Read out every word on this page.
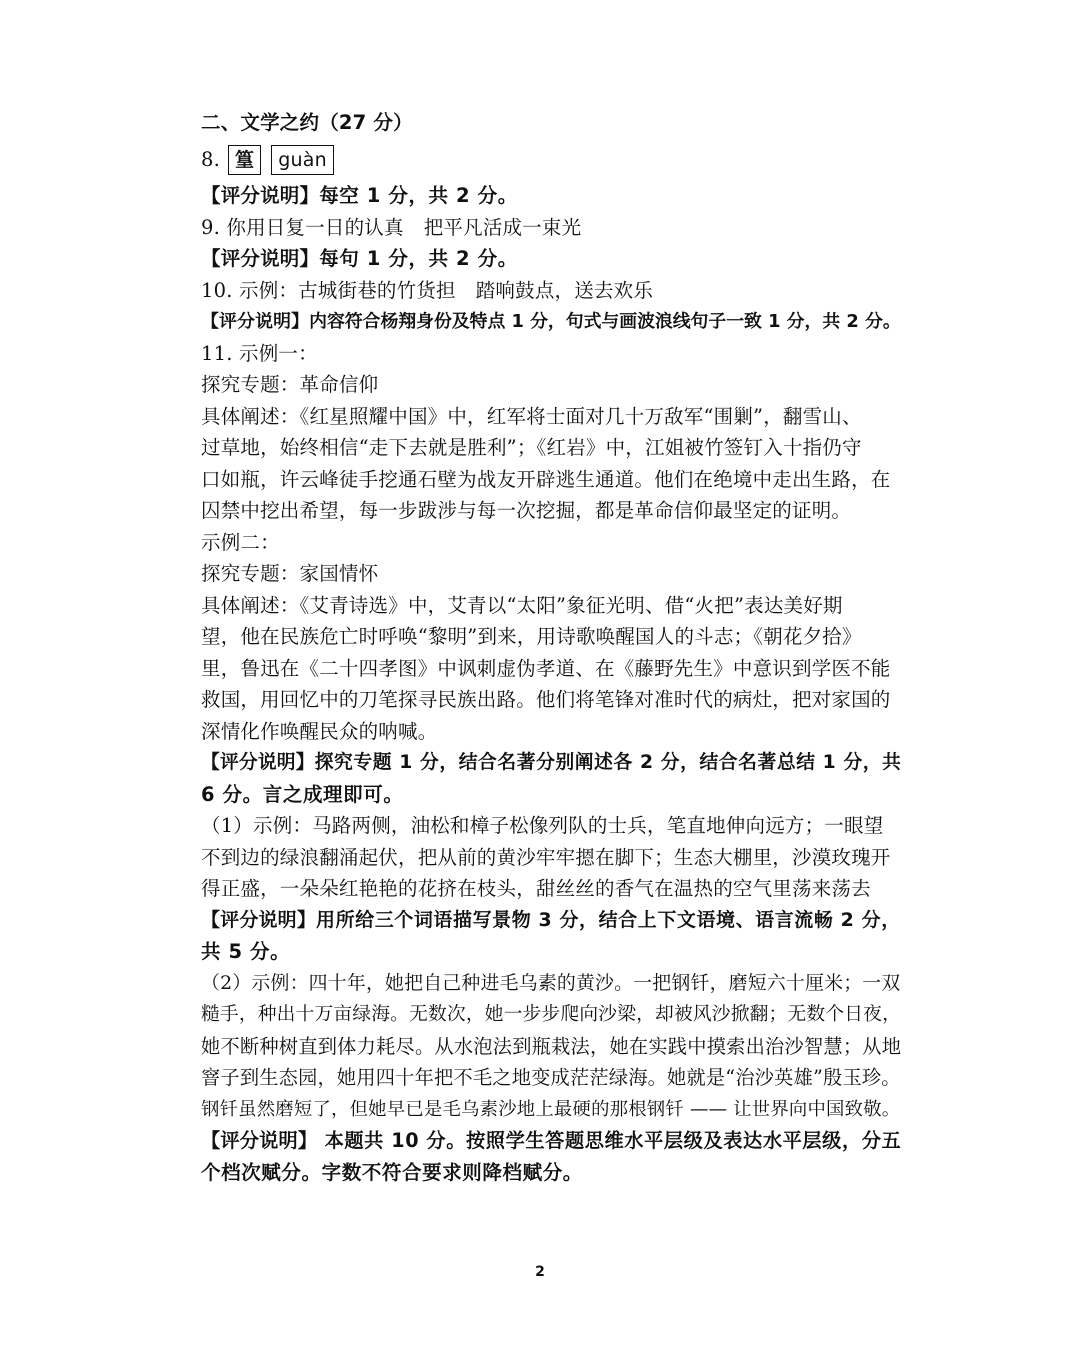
二、文学之约（27 分）
8. 篁	guàn
【评分说明】每空 1 分，共 2 分。
9. 你用日复一日的认真 把平凡活成一束光
【评分说明】每句 1 分，共 2 分。
10. 示例：古城街巷的竹货担 踏响鼓点，送去欢乐
【评分说明】内容符合杨翔身份及特点 1 分，句式与画波浪线句子一致 1 分，共 2 分。
11. 示例一：
探究专题：革命信仰
具体阐述：《红星照耀中国》中，红军将士面对几十万敌军“围剿”，翻雪山、
过草地，始终相信“走下去就是胜利”；《红岩》中，江姐被竹签钉入十指仍守
口如瓶，许云峰徒手挖通石壁为战友开辟逃生通道。他们在绝境中走出生路，在
囚禁中挖出希望，每一步跋涉与每一次挖掘，都是革命信仰最坚定的证明。
示例二：
探究专题：家国情怀
具体阐述：《艾青诗选》中，艾青以“太阳”象征光明、借“火把”表达美好期
望，他在民族危亡时呼唤“黎明”到来，用诗歌唤醒国人的斗志；《朝花夕拾》
里，鲁迅在《二十四孝图》中讽刺虚伪孝道、在《藤野先生》中意识到学医不能
救国，用回忆中的刀笔探寻民族出路。他们将笔锋对准时代的病灶，把对家国的
深情化作唤醒民众的呐喊。
【评分说明】探究专题 1 分，结合名著分别阐述各 2 分，结合名著总结 1 分，共
6 分。言之成理即可。
（1）示例：马路两侧，油松和樟子松像列队的士兵，笔直地伸向远方；一眼望
不到边的绿浪翻涌起伏，把从前的黄沙牢牢摁在脚下；生态大棚里，沙漠玫瑰开
得正盛，一朵朵红艳艳的花挤在枝头，甜丝丝的香气在温热的空气里荡来荡去
【评分说明】用所给三个词语描写景物 3 分，结合上下文语境、语言流畅 2 分，
共 5 分。
（2）示例：四十年，她把自己种进毛乌素的黄沙。一把钢钎，磨短六十厘米；一双
糙手，种出十万亩绿海。无数次，她一步步爬向沙梁，却被风沙掀翻；无数个日夜，
她不断种树直到体力耗尽。从水泡法到瓶栽法，她在实践中摸索出治沙智慧；从地
窨子到生态园，她用四十年把不毛之地变成茫茫绿海。她就是“治沙英雄”殷玉珍。
钢钎虽然磨短了，但她早已是毛乌素沙地上最硬的那根钢钎 —— 让世界向中国致敬。
【评分说明】 本题共 10 分。按照学生答题思维水平层级及表达水平层级，分五
个档次赋分。字数不符合要求则降档赋分。
2
